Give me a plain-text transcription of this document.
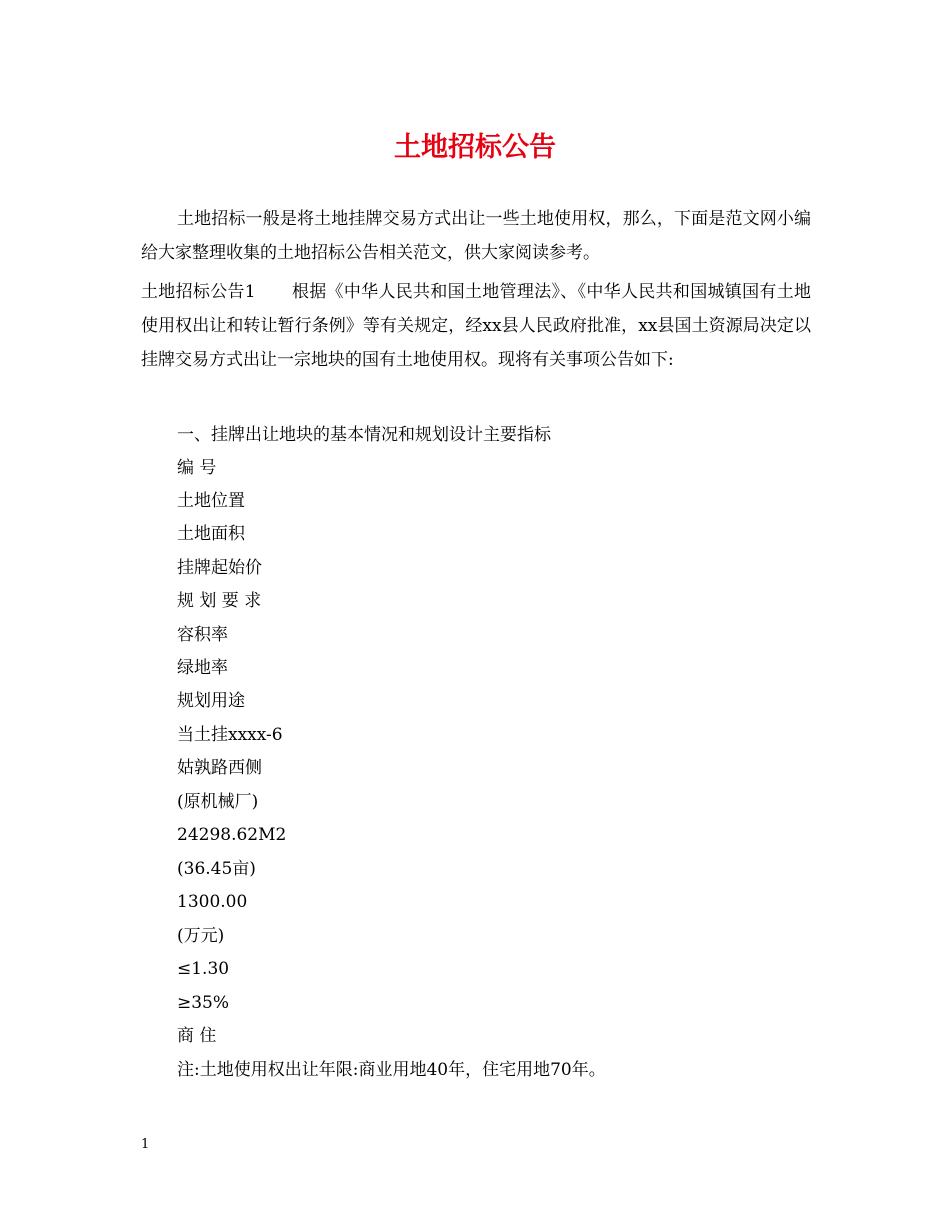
土地招标公告
土地招标一般是将土地挂牌交易方式出让一些土地使用权，那么，下面是范文网小编给大家整理收集的土地招标公告相关范文，供大家阅读参考。
土地招标公告1 根据《中华人民共和国土地管理法》、《中华人民共和国城镇国有土地使用权出让和转让暂行条例》等有关规定，经xx县人民政府批准，xx县国土资源局决定以挂牌交易方式出让一宗地块的国有土地使用权。现将有关事项公告如下:
一、挂牌出让地块的基本情况和规划设计主要指标
编 号
土地位置
土地面积
挂牌起始价
规 划 要 求
容积率
绿地率
规划用途
当土挂xxxx-6
姑孰路西侧
(原机械厂)
24298.62M2
(36.45亩)
1300.00
(万元)
≤1.30
≥35%
商 住
注:土地使用权出让年限:商业用地40年，住宅用地70年。
1
